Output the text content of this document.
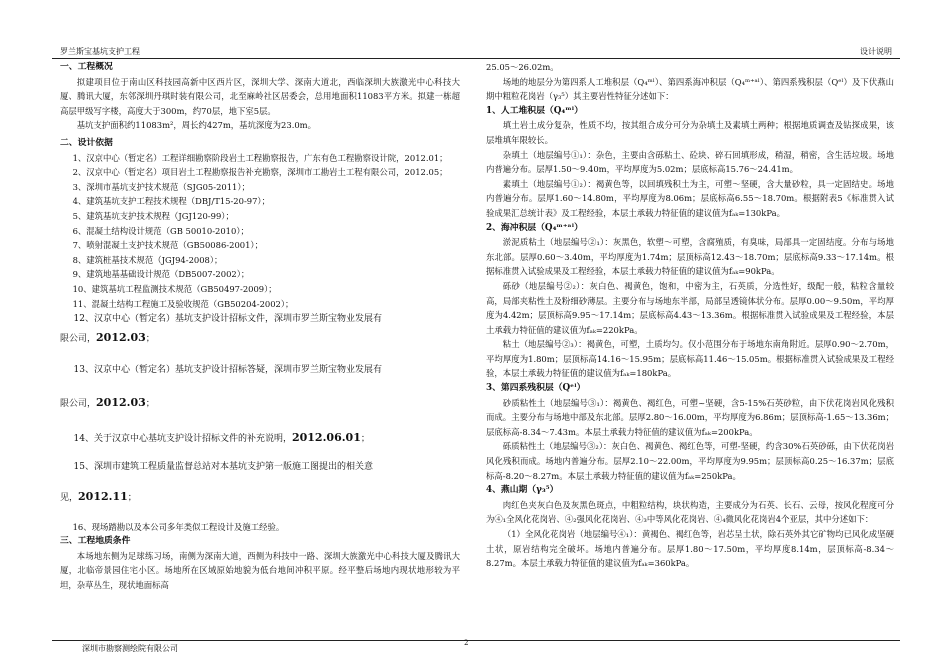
罗兰斯宝基坑支护工程	设计说明
一、工程概况

拟建项目位于南山区科技园高新中区西片区，深圳大学、深南大道北，西临深圳大族激光中心科技大厦、腾讯大厦，东邻深圳丹琪时装有限公司，北至麻岭社区居委会，总用地面积11083平方米。拟建一栋超高层甲级写字楼，高度大于300m，约70层，地下室5层。

基坑支护面积约11083m²，周长约427m，基坑深度为23.0m。

二、设计依据

1、汉京中心（暂定名）工程详细勘察阶段岩土工程勘察报告，广东有色工程勘察设计院，2012.01；

2、汉京中心（暂定名）项目岩土工程勘察报告补充勘察，深圳市工勘岩土工程有限公司，2012.05；

3、深圳市基坑支护技术规范（SJG05-2011）；

4、建筑基坑支护工程技术规程（DBJ/T15-20-97）；

5、建筑基坑支护技术规程（JGJ120-99）；

6、混凝土结构设计规范（GB 50010-2010）；

7、喷射混凝土支护技术规范（GB50086-2001）；

8、建筑桩基技术规范（JGJ94-2008）；

9、建筑地基基础设计规范（DB5007-2002）；

10、建筑基坑工程监测技术规范（GB50497-2009）；

11、混凝土结构工程施工及验收规范（GB50204-2002）；

12、汉京中心（暂定名）基坑支护设计招标文件，深圳市罗兰斯宝物业发展有

限公司，2012.03；

13、汉京中心（暂定名）基坑支护设计招标答疑，深圳市罗兰斯宝物业发展有

限公司，2012.03；

14、关于汉京中心基坑支护设计招标文件的补充说明，2012.06.01；

15、深圳市建筑工程质量监督总站对本基坑支护第一版施工图提出的相关意

见，2012.11；

16、现场踏勘以及本公司多年类似工程设计及施工经验。

三、工程地质条件

本场地东侧为足球练习场，南侧为深南大道，西侧为科技中一路、深圳大族激光中心科技大厦及腾讯大厦，北临帝景园住宅小区。场地所在区域原始地貌为低台地间冲积平原。经平整后场地内现状地形较为平坦，杂草丛生，现状地面标高

25.05～26.02m。

场地的地层分为第四系人工堆积层（Q₄ᵐˡ）、第四系海冲积层（Q₄ᵐ⁺ᵃˡ）、第四系残积层（Qᵉˡ）及下伏燕山期中粗粒花岗岩（γ₃⁵）其主要岩性特征分述如下：

1、人工堆积层（Q₄ᵐˡ）

填土岩土成分复杂，性质不均，按其组合成分可分为杂填土及素填土两种；根据地质调查及钻探成果，该层堆填年限较长。

杂填土（地层编号①₁）：杂色，主要由含砾粘土、砼块、碎石回填形成，稍湿，稍密，含生活垃圾。场地内普遍分布。层厚1.50～9.40m，平均厚度为5.02m；层底标高15.76～24.41m。

素填土（地层编号①₂）：褐黄色等，以回填残积土为主，可塑～坚硬，含大量砂粒，具一定固结史。场地内普遍分布。层厚1.60～14.80m，平均厚度为8.06m；层底标高6.55～18.70m。根据附表5《标准贯入试验成果汇总统计表》及工程经验，本层土承载力特征值的建议值为fₐₖ=130kPa。

2、海冲积层（Q₄ᵐ⁺ᵃˡ）

淤泥质粘土（地层编号②₁）：灰黑色，软塑～可塑，含腐殖质，有臭味，局部具一定固结度。分布与场地东北部。层厚0.60～3.40m，平均厚度为1.74m；层顶标高12.43～18.70m；层底标高9.33～17.14m。根据标准贯入试验成果及工程经验，本层土承载力特征值的建议值为fₐₖ=90kPa。

砾砂（地层编号②₂）：灰白色、褐黄色，饱和，中密为主，石英质，分选性好，级配一般，粘粒含量较高，局部夹粘性土及粉细砂薄层。主要分布与场地东半部，局部呈透镜体状分布。层厚0.00～9.50m，平均厚度为4.42m；层顶标高9.95～17.14m；层底标高4.43～13.36m。根据标准贯入试验成果及工程经验，本层土承载力特征值的建议值为fₐₖ=220kPa。

粘土（地层编号②₃）：褐黄色，可塑，土质均匀。仅小范围分布于场地东南角附近。层厚0.90～2.70m，平均厚度为1.80m；层顶标高14.16～15.95m；层底标高11.46～15.05m。根据标准贯入试验成果及工程经验，本层土承载力特征值的建议值为fₐₖ=180kPa。

3、第四系残积层（Qᵉˡ）

砂质粘性土（地层编号③₁）：褐黄色、褐红色，可塑~坚硬，含5-15%石英砂粒，由下伏花岗岩风化残积而成。主要分布与场地中部及东北部。层厚2.80～16.00m，平均厚度为6.86m；层顶标高-1.65～13.36m；层底标高-8.34～7.43m。本层土承载力特征值的建议值为fₐₖ=200kPa。

砾质粘性土（地层编号③₂）：灰白色、褐黄色、褐红色等，可塑-坚硬，约含30%石英砂砾，由下伏花岗岩风化残积而成。场地内普遍分布。层厚2.10～22.00m，平均厚度为9.95m；层顶标高0.25～16.37m；层底标高-8.20～8.27m。本层土承载力特征值的建议值为fₐₖ=250kPa。

4、燕山期（γ₃⁵）

肉红色夹灰白色及灰黑色斑点，中粗粒结构，块状构造，主要成分为石英、长石、云母，按风化程度可分为④₁全风化花岗岩、④₂强风化花岗岩、④₃中等风化花岗岩、④₄微风化花岗岩4个亚层，其中分述如下：

（1）全风化花岗岩（地层编号④₁）：黄褐色、褐红色等，岩芯呈土状，除石英外其它矿物均已风化成坚硬土状，原岩结构完全破坏。场地内普遍分布。层厚1.80～17.50m，平均厚度8.14m，层顶标高-8.34～8.27m。本层土承载力特征值的建议值为fₐₖ=360kPa。

深圳市勘察测绘院有限公司
2
